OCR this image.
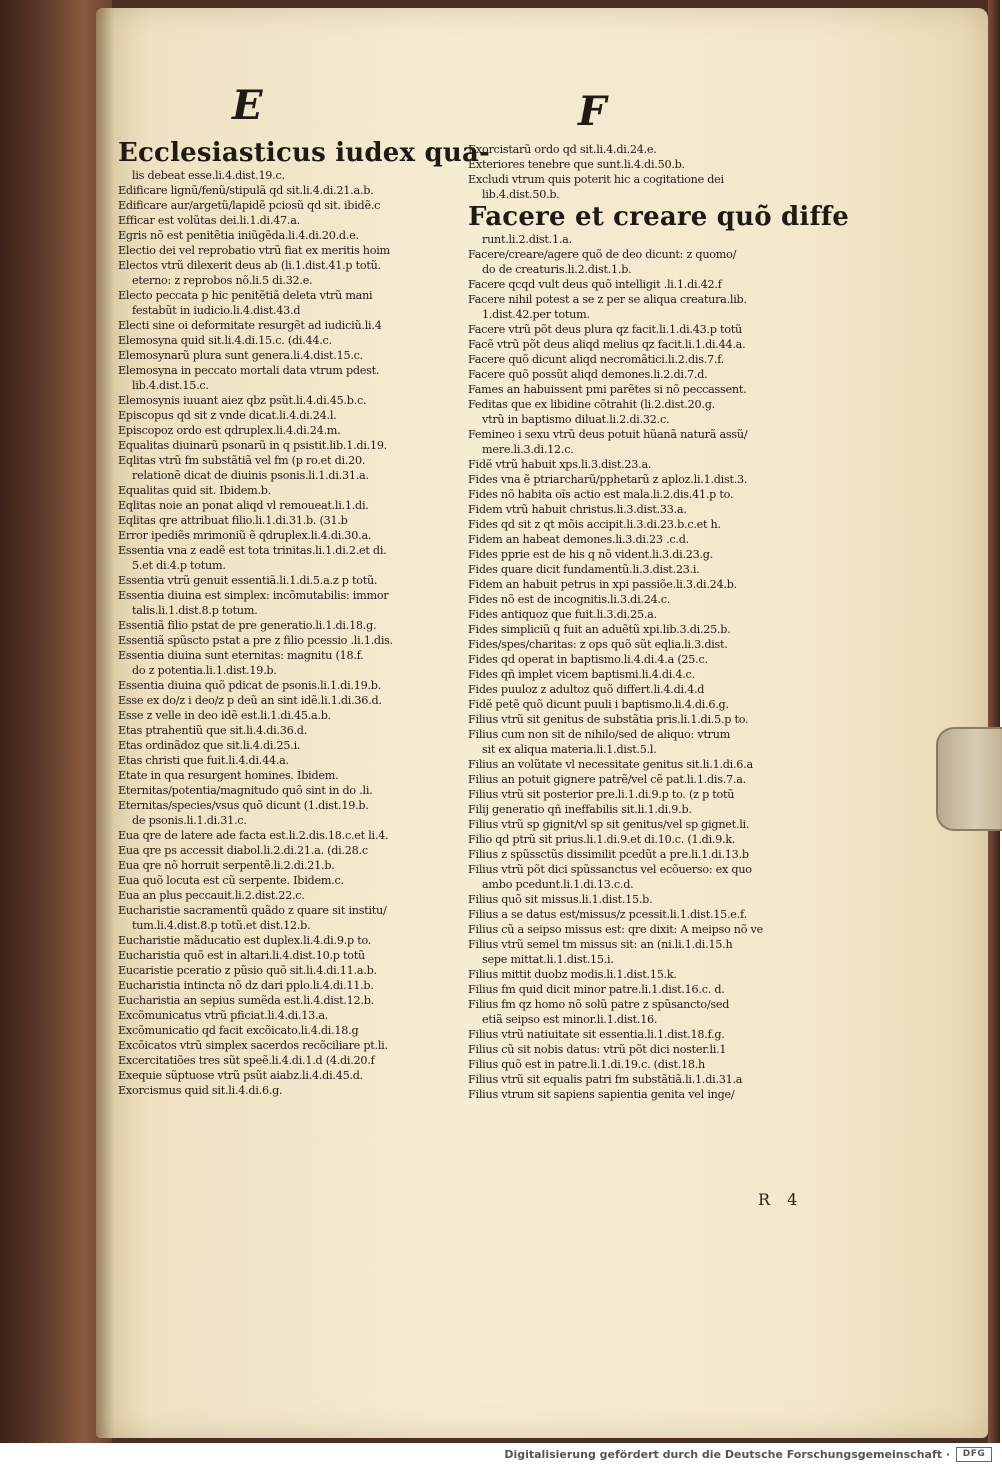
E	F
Ecclesiasticus iudex qua-
lis debeat esse.li.4.dist.19.c.
Edificare lignũ/fenũ/stipulã qd sit.li.4.di.21.a.b.
Edificare aur/argetũ/lapidẽ pciosũ qd sit. ibidẽ.c
Efficar est volũtas dei.li.1.di.47.a.
Egris nõ est penitẽtia iniũgẽda.li.4.di.20.d.e.
Electio dei vel reprobatio vtrũ fiat ex meritis hoim
Electos vtrũ dilexerit deus ab (li.1.dist.41.p totũ.
eterno: z reprobos nõ.li.5 di.32.e.
Electo peccata p hic penitẽtiã deleta vtrũ mani
festabũt in iudicio.li.4.dist.43.d
Electi sine oi deformitate resurgẽt ad iudiciũ.li.4
Elemosyna quid sit.li.4.di.15.c. (di.44.c.
Elemosynarũ plura sunt genera.li.4.dist.15.c.
Elemosyna in peccato mortali data vtrum pdest.
lib.4.dist.15.c.
Elemosynis iuuant aiez qbz psũt.li.4.di.45.b.c.
Episcopus qd sit z vnde dicat.li.4.di.24.l.
Episcopoz ordo est qdruplex.li.4.di.24.m.
Equalitas diuinarũ psonarũ in q psistit.lib.1.di.19.
Eqlitas vtrũ fm substãtiã vel fm (p ro.et di.20.
relationẽ dicat de diuinis psonis.li.1.di.31.a.
Equalitas quid sit. Ibidem.b.
Eqlitas noie an ponat aliqd vl remoueat.li.1.di.
Eqlitas qre attribuat filio.li.1.di.31.b. (31.b
Error ipediẽs mrimoniũ ẽ qdruplex.li.4.di.30.a.
Essentia vna z eadẽ est tota trinitas.li.1.di.2.et di.
5.et di.4.p totum.
Essentia vtrũ genuit essentiã.li.1.di.5.a.z p totũ.
Essentia diuina est simplex: incõmutabilis: immor
talis.li.1.dist.8.p totum.
Essentiã filio pstat de pre generatio.li.1.di.18.g.
Essentiã spũscto pstat a pre z filio pcessio .li.1.dis.
Essentia diuina sunt eternitas: magnitu (18.f.
do z potentia.li.1.dist.19.b.
Essentia diuina quõ pdicat de psonis.li.1.di.19.b.
Esse ex do/z i deo/z p deũ an sint idẽ.li.1.di.36.d.
Esse z velle in deo idẽ est.li.1.di.45.a.b.
Etas ptrahentiũ que sit.li.4.di.36.d.
Etas ordinãdoz que sit.li.4.di.25.i.
Etas christi que fuit.li.4.di.44.a.
Etate in qua resurgent homines. Ibidem.
Eternitas/potentia/magnitudo quõ sint in do .li.
Eternitas/species/vsus quõ dicunt (1.dist.19.b.
de psonis.li.1.di.31.c.
Eua qre de latere ade facta est.li.2.dis.18.c.et li.4.
Eua qre ps accessit diabol.li.2.di.21.a. (di.28.c
Eua qre nõ horruit serpentẽ.li.2.di.21.b.
Eua quõ locuta est cũ serpente. Ibidem.c.
Eua an plus peccauit.li.2.dist.22.c.
Eucharistie sacramentũ quãdo z quare sit institu/
tum.li.4.dist.8.p totũ.et dist.12.b.
Eucharistie mãducatio est duplex.li.4.di.9.p to.
Eucharistia quõ est in altari.li.4.dist.10.p totũ
Eucaristie pceratio z pũsio quõ sit.li.4.di.11.a.b.
Eucharistia intincta nõ dz dari pplo.li.4.di.11.b.
Eucharistia an sepius sumẽda est.li.4.dist.12.b.
Excõmunicatus vtrũ pficiat.li.4.di.13.a.
Excõmunicatio qd facit excõicato.li.4.di.18.g
Excõicatos vtrũ simplex sacerdos recõciliare pt.li.
Excercitatiões tres sũt speẽ.li.4.di.1.d (4.di.20.f
Exequie sũptuose vtrũ psũt aiabz.li.4.di.45.d.
Exorcismus quid sit.li.4.di.6.g.
Exorcistarũ ordo qd sit.li.4.di.24.e.
Exteriores tenebre que sunt.li.4.di.50.b.
Excludi vtrum quis poterit hic a cogitatione dei
lib.4.dist.50.b.
Facere et creare quõ diffe
runt.li.2.dist.1.a.
Facere/creare/agere quõ de deo dicunt: z quomo/
do de creaturis.li.2.dist.1.b.
Facere qcqd vult deus quõ intelligit .li.1.di.42.f
Facere nihil potest a se z per se aliqua creatura.lib.
1.dist.42.per totum.
Facere vtrũ põt deus plura qz facit.li.1.di.43.p totũ
Facẽ vtrũ põt deus aliqd melius qz facit.li.1.di.44.a.
Facere quõ dicunt aliqd necromãtici.li.2.dis.7.f.
Facere quõ possũt aliqd demones.li.2.di.7.d.
Fames an habuissent pmi parẽtes si nõ peccassent.
Feditas que ex libidine cõtrahit (li.2.dist.20.g.
vtrũ in baptismo diluat.li.2.di.32.c.
Femineo i sexu vtrũ deus potuit hũanã naturã assũ/
mere.li.3.di.12.c.
Fidẽ vtrũ habuit xps.li.3.dist.23.a.
Fides vna ẽ ptriarcharũ/pphetarũ z aploz.li.1.dist.3.
Fides nõ habita oĩs actio est mala.li.2.dis.41.p to.
Fidem vtrũ habuit christus.li.3.dist.33.a.
Fides qd sit z qt mõis accipit.li.3.di.23.b.c.et h.
Fidem an habeat demones.li.3.di.23 .c.d.
Fides pprie est de his q nõ vident.li.3.di.23.g.
Fides quare dicit fundamentũ.li.3.dist.23.i.
Fidem an habuit petrus in xpi passiõe.li.3.di.24.b.
Fides nõ est de incognitis.li.3.di.24.c.
Fides antiquoz que fuit.li.3.di.25.a.
Fides simpliciũ q fuit an aduẽtũ xpi.lib.3.di.25.b.
Fides/spes/charitas: z ops quõ sũt eqlia.li.3.dist.
Fides qd operat in baptismo.li.4.di.4.a (25.c.
Fides qñ implet vicem baptismi.li.4.di.4.c.
Fides puuloz z adultoz quõ differt.li.4.di.4.d
Fidẽ petẽ quõ dicunt puuli i baptismo.li.4.di.6.g.
Filius vtrũ sit genitus de substãtia pris.li.1.di.5.p to.
Filius cum non sit de nihilo/sed de aliquo: vtrum
sit ex aliqua materia.li.1.dist.5.l.
Filius an volũtate vl necessitate genitus sit.li.1.di.6.a
Filius an potuit gignere patrẽ/vel cẽ pat.li.1.dis.7.a.
Filius vtrũ sit posterior pre.li.1.di.9.p to. (z p totũ
Filij generatio qñ ineffabilis sit.li.1.di.9.b.
Filius vtrũ sp gignit/vl sp sit genitus/vel sp gignet.li.
Filio qd ptrũ sit prius.li.1.di.9.et di.10.c. (1.di.9.k.
Filius z spũssctũs dissimilit pcedũt a pre.li.1.di.13.b
Filius vtrũ põt dici spũssanctus vel ecõuerso: ex quo
ambo pcedunt.li.1.di.13.c.d.
Filius quõ sit missus.li.1.dist.15.b.
Filius a se datus est/missus/z pcessit.li.1.dist.15.e.f.
Filius cũ a seipso missus est: qre dixit: A meipso nõ ve
Filius vtrũ semel tm missus sit: an (ni.li.1.di.15.h
sepe mittat.li.1.dist.15.i.
Filius mittit duobz modis.li.1.dist.15.k.
Filius fm quid dicit minor patre.li.1.dist.16.c. d.
Filius fm qz homo nõ solũ patre z spũsancto/sed
etiã seipso est minor.li.1.dist.16.
Filius vtrũ natiuitate sit essentia.li.1.dist.18.f.g.
Filius cũ sit nobis datus: vtrũ põt dici noster.li.1
Filius quõ est in patre.li.1.di.19.c. (dist.18.h
Filius vtrũ sit equalis patri fm substãtiã.li.1.di.31.a
Filius vtrum sit sapiens sapientia genita vel inge/
R 4
Digitalisierung gefördert durch die Deutsche Forschungsgemeinschaft ·	DFG
